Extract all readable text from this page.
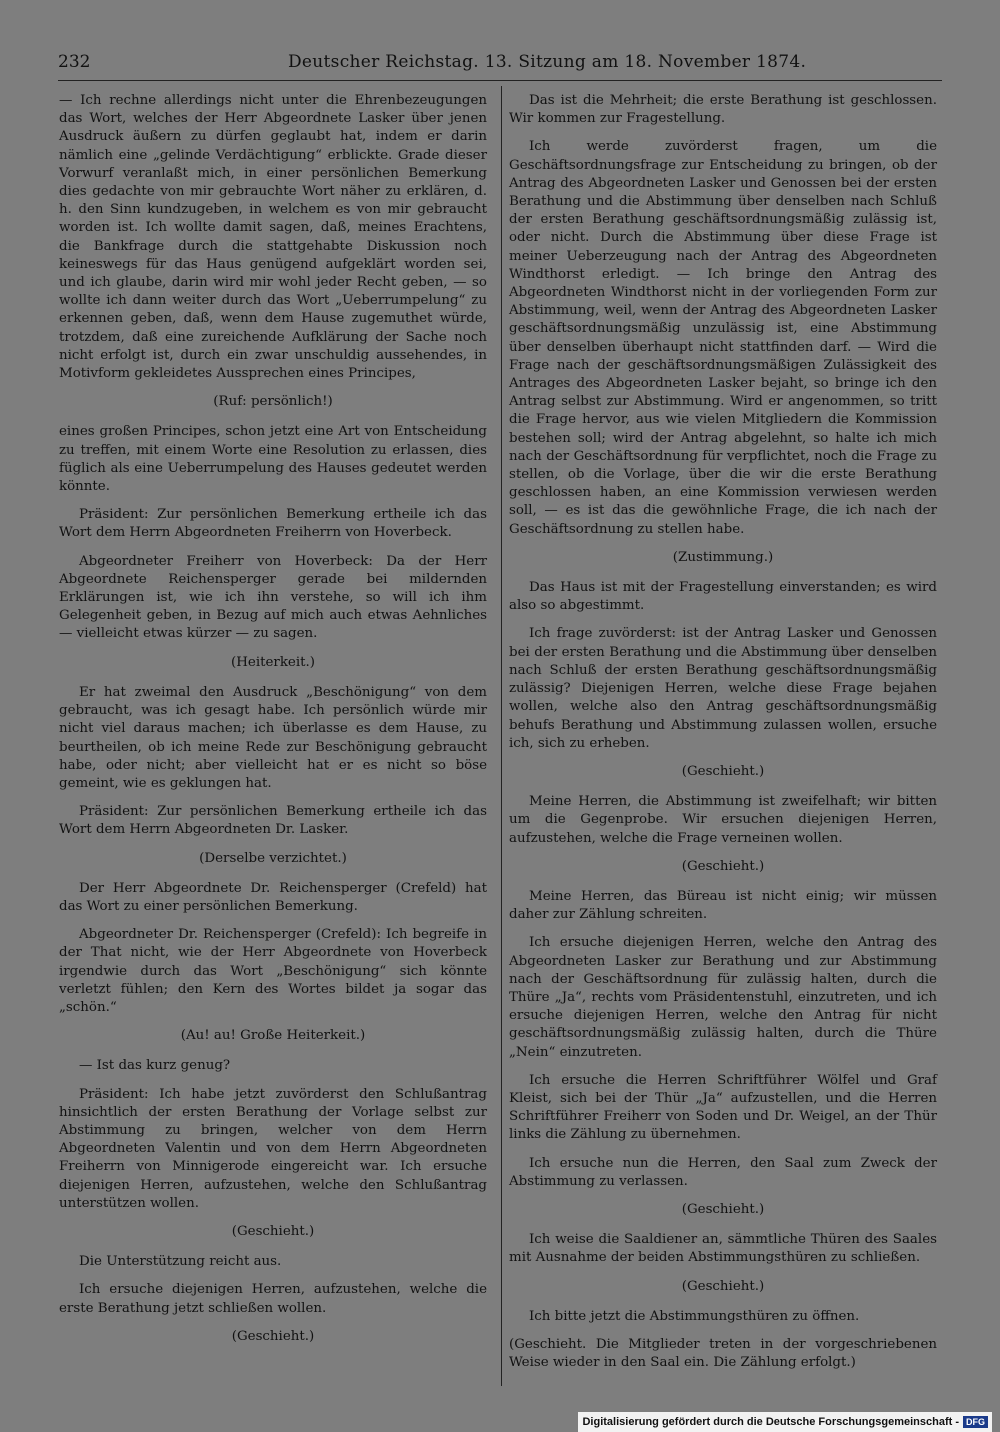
232	Deutscher Reichstag. 13. Sitzung am 18. November 1874.

— Ich rechne allerdings nicht unter die Ehrenbezeugungen das Wort, welches der Herr Abgeordnete Lasker über jenen Ausdruck äußern zu dürfen geglaubt hat, indem er darin nämlich eine „gelinde Verdächtigung“ erblickte. Grade dieser Vorwurf veranlaßt mich, in einer persönlichen Bemerkung dies gedachte von mir gebrauchte Wort näher zu erklären, d. h. den Sinn kundzugeben, in welchem es von mir gebraucht worden ist. Ich wollte damit sagen, daß, meines Erachtens, die Bankfrage durch die stattgehabte Diskussion noch keineswegs für das Haus genügend aufgeklärt worden sei, und ich glaube, darin wird mir wohl jeder Recht geben, — so wollte ich dann weiter durch das Wort „Ueberrumpelung“ zu erkennen geben, daß, wenn dem Hause zugemuthet würde, trotzdem, daß eine zureichende Aufklärung der Sache noch nicht erfolgt ist, durch ein zwar unschuldig aussehendes, in Motivform gekleidetes Aussprechen eines Principes,

(Ruf: persönlich!)

eines großen Principes, schon jetzt eine Art von Entscheidung zu treffen, mit einem Worte eine Resolution zu erlassen, dies füglich als eine Ueberrumpelung des Hauses gedeutet werden könnte.

Präsident: Zur persönlichen Bemerkung ertheile ich das Wort dem Herrn Abgeordneten Freiherrn von Hoverbeck.

Abgeordneter Freiherr von Hoverbeck: Da der Herr Abgeordnete Reichensperger gerade bei mildernden Erklärungen ist, wie ich ihn verstehe, so will ich ihm Gelegenheit geben, in Bezug auf mich auch etwas Aehnliches — vielleicht etwas kürzer — zu sagen.

(Heiterkeit.)

Er hat zweimal den Ausdruck „Beschönigung“ von dem gebraucht, was ich gesagt habe. Ich persönlich würde mir nicht viel daraus machen; ich überlasse es dem Hause, zu beurtheilen, ob ich meine Rede zur Beschönigung gebraucht habe, oder nicht; aber vielleicht hat er es nicht so böse gemeint, wie es geklungen hat.

Präsident: Zur persönlichen Bemerkung ertheile ich das Wort dem Herrn Abgeordneten Dr. Lasker.

(Derselbe verzichtet.)

Der Herr Abgeordnete Dr. Reichensperger (Crefeld) hat das Wort zu einer persönlichen Bemerkung.

Abgeordneter Dr. Reichensperger (Crefeld): Ich begreife in der That nicht, wie der Herr Abgeordnete von Hoverbeck irgendwie durch das Wort „Beschönigung“ sich könnte verletzt fühlen; den Kern des Wortes bildet ja sogar das „schön.“

(Au! au! Große Heiterkeit.)

— Ist das kurz genug?

Präsident: Ich habe jetzt zuvörderst den Schlußantrag hinsichtlich der ersten Berathung der Vorlage selbst zur Abstimmung zu bringen, welcher von dem Herrn Abgeordneten Valentin und von dem Herrn Abgeordneten Freiherrn von Minnigerode eingereicht war. Ich ersuche diejenigen Herren, aufzustehen, welche den Schlußantrag unterstützen wollen.

(Geschieht.)

Die Unterstützung reicht aus.

Ich ersuche diejenigen Herren, aufzustehen, welche die erste Berathung jetzt schließen wollen.

(Geschieht.)

Das ist die Mehrheit; die erste Berathung ist geschlossen. Wir kommen zur Fragestellung.

Ich werde zuvörderst fragen, um die Geschäftsordnungsfrage zur Entscheidung zu bringen, ob der Antrag des Abgeordneten Lasker und Genossen bei der ersten Berathung und die Abstimmung über denselben nach Schluß der ersten Berathung geschäftsordnungsmäßig zulässig ist, oder nicht. Durch die Abstimmung über diese Frage ist meiner Ueberzeugung nach der Antrag des Abgeordneten Windthorst erledigt. — Ich bringe den Antrag des Abgeordneten Windthorst nicht in der vorliegenden Form zur Abstimmung, weil, wenn der Antrag des Abgeordneten Lasker geschäftsordnungsmäßig unzulässig ist, eine Abstimmung über denselben überhaupt nicht stattfinden darf. — Wird die Frage nach der geschäftsordnungsmäßigen Zulässigkeit des Antrages des Abgeordneten Lasker bejaht, so bringe ich den Antrag selbst zur Abstimmung. Wird er angenommen, so tritt die Frage hervor, aus wie vielen Mitgliedern die Kommission bestehen soll; wird der Antrag abgelehnt, so halte ich mich nach der Geschäftsordnung für verpflichtet, noch die Frage zu stellen, ob die Vorlage, über die wir die erste Berathung geschlossen haben, an eine Kommission verwiesen werden soll, — es ist das die gewöhnliche Frage, die ich nach der Geschäftsordnung zu stellen habe.

(Zustimmung.)

Das Haus ist mit der Fragestellung einverstanden; es wird also so abgestimmt.

Ich frage zuvörderst: ist der Antrag Lasker und Genossen bei der ersten Berathung und die Abstimmung über denselben nach Schluß der ersten Berathung geschäftsordnungsmäßig zulässig? Diejenigen Herren, welche diese Frage bejahen wollen, welche also den Antrag geschäftsordnungsmäßig behufs Berathung und Abstimmung zulassen wollen, ersuche ich, sich zu erheben.

(Geschieht.)

Meine Herren, die Abstimmung ist zweifelhaft; wir bitten um die Gegenprobe. Wir ersuchen diejenigen Herren, aufzustehen, welche die Frage verneinen wollen.

(Geschieht.)

Meine Herren, das Büreau ist nicht einig; wir müssen daher zur Zählung schreiten.

Ich ersuche diejenigen Herren, welche den Antrag des Abgeordneten Lasker zur Berathung und zur Abstimmung nach der Geschäftsordnung für zulässig halten, durch die Thüre „Ja“, rechts vom Präsidentenstuhl, einzutreten, und ich ersuche diejenigen Herren, welche den Antrag für nicht geschäftsordnungsmäßig zulässig halten, durch die Thüre „Nein“ einzutreten.

Ich ersuche die Herren Schriftführer Wölfel und Graf Kleist, sich bei der Thür „Ja“ aufzustellen, und die Herren Schriftführer Freiherr von Soden und Dr. Weigel, an der Thür links die Zählung zu übernehmen.

Ich ersuche nun die Herren, den Saal zum Zweck der Abstimmung zu verlassen.

(Geschieht.)

Ich weise die Saaldiener an, sämmtliche Thüren des Saales mit Ausnahme der beiden Abstimmungsthüren zu schließen.

(Geschieht.)

Ich bitte jetzt die Abstimmungsthüren zu öffnen.

(Geschieht. Die Mitglieder treten in der vorgeschriebenen Weise wieder in den Saal ein. Die Zählung erfolgt.)

Digitalisierung gefördert durch die Deutsche Forschungsgemeinschaft - DFG
